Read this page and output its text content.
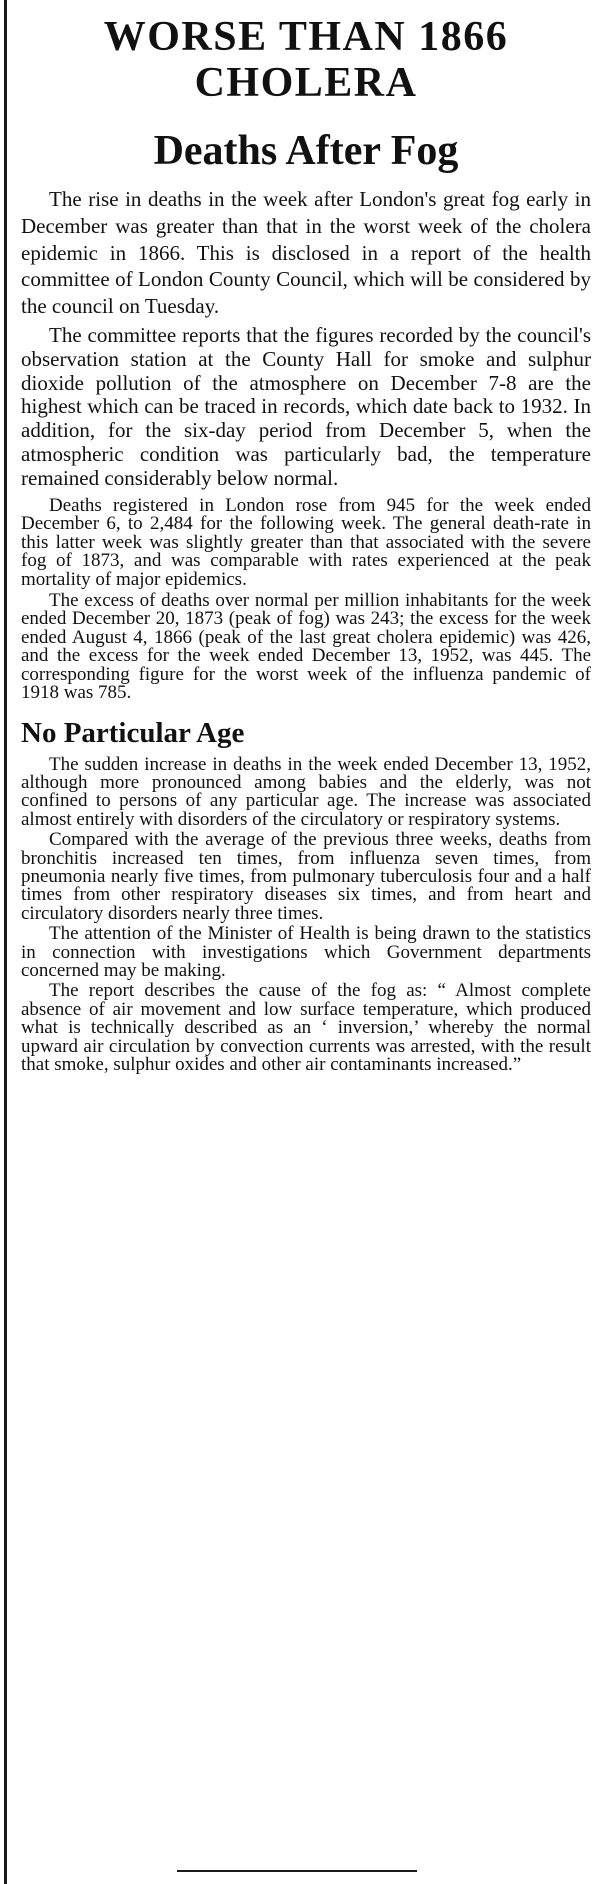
WORSE THAN 1866
CHOLERA
Deaths After Fog

The rise in deaths in the week after London's great fog early in December was greater than that in the worst week of the cholera epidemic in 1866. This is disclosed in a report of the health committee of London County Council, which will be considered by the council on Tuesday.

The committee reports that the figures recorded by the council's observation station at the County Hall for smoke and sulphur dioxide pollution of the atmosphere on December 7-8 are the highest which can be traced in records, which date back to 1932. In addition, for the six-day period from December 5, when the atmospheric condition was particularly bad, the temperature remained considerably below normal.

Deaths registered in London rose from 945 for the week ended December 6, to 2,484 for the following week. The general death-rate in this latter week was slightly greater than that associated with the severe fog of 1873, and was comparable with rates experienced at the peak mortality of major epidemics.

The excess of deaths over normal per million inhabitants for the week ended December 20, 1873 (peak of fog) was 243; the excess for the week ended August 4, 1866 (peak of the last great cholera epidemic) was 426, and the excess for the week ended December 13, 1952, was 445. The corresponding figure for the worst week of the influenza pandemic of 1918 was 785.

No Particular Age

The sudden increase in deaths in the week ended December 13, 1952, although more pronounced among babies and the elderly, was not confined to persons of any particular age. The increase was associated almost entirely with disorders of the circulatory or respiratory systems.

Compared with the average of the previous three weeks, deaths from bronchitis increased ten times, from influenza seven times, from pneumonia nearly five times, from pulmonary tuberculosis four and a half times from other respiratory diseases six times, and from heart and circulatory disorders nearly three times.

The attention of the Minister of Health is being drawn to the statistics in connection with investigations which Government departments concerned may be making.

The report describes the cause of the fog as: “ Almost complete absence of air movement and low surface temperature, which produced what is technically described as an ‘ inversion,’ whereby the normal upward air circulation by convection currents was arrested, with the result that smoke, sulphur oxides and other air contaminants increased.”
